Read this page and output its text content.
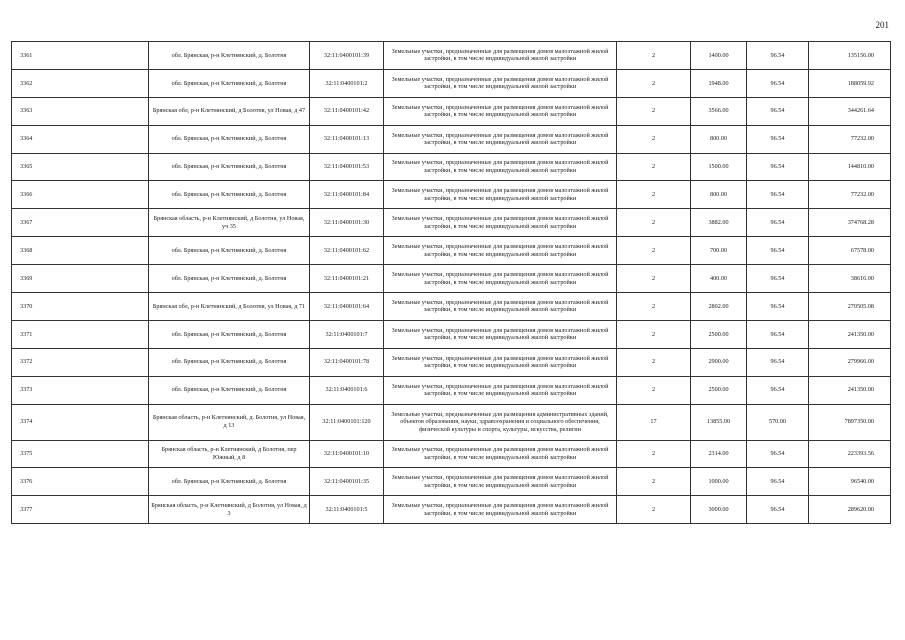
201
3361	обл. Брянская, р-н Клетнянский, д. Болотня	32:11:0400101:39	Земельные участки, предназначенные для размещения домов малоэтажной жилой застройки, в том числе индивидуальной жилой застройки	2	1400.00	96.54	135156.00
3362	обл. Брянская, р-н Клетнянский, д. Болотня	32:11:0400101:2	Земельные участки, предназначенные для размещения домов малоэтажной жилой застройки, в том числе индивидуальной жилой застройки	2	1948.00	96.54	188059.92
3363	Брянская обл, р-н Клетнянский, д Болотня, ул Новая, д 47	32:11:0400101:42	Земельные участки, предназначенные для размещения домов малоэтажной жилой застройки, в том числе индивидуальной жилой застройки	2	3566.00	96.54	344261.64
3364	обл. Брянская, р-н Клетнянский, д. Болотня	32:11:0400101:13	Земельные участки, предназначенные для размещения домов малоэтажной жилой застройки, в том числе индивидуальной жилой застройки	2	800.00	96.54	77232.00
3365	обл. Брянская, р-н Клетнянский, д. Болотня	32:11:0400101:53	Земельные участки, предназначенные для размещения домов малоэтажной жилой застройки, в том числе индивидуальной жилой застройки	2	1500.00	96.54	144810.00
3366	обл. Брянская, р-н Клетнянский, д. Болотня	32:11:0400101:84	Земельные участки, предназначенные для размещения домов малоэтажной жилой застройки, в том числе индивидуальной жилой застройки	2	800.00	96.54	77232.00
3367	Брянская область, р-н Клетнянский, д Болотня, ул Новая, уч 35	32:11:0400101:30	Земельные участки, предназначенные для размещения домов малоэтажной жилой застройки, в том числе индивидуальной жилой застройки	2	3882.00	96.54	374768.28
3368	обл. Брянская, р-н Клетнянский, д. Болотня	32:11:0400101:62	Земельные участки, предназначенные для размещения домов малоэтажной жилой застройки, в том числе индивидуальной жилой застройки	2	700.00	96.54	67578.00
3369	обл. Брянская, р-н Клетнянский, д. Болотня	32:11:0400101:21	Земельные участки, предназначенные для размещения домов малоэтажной жилой застройки, в том числе индивидуальной жилой застройки	2	400.00	96.54	38616.00
3370	Брянская обл, р-н Клетнянский, д Болотня, ул Новая, д 71	32:11:0400101:64	Земельные участки, предназначенные для размещения домов малоэтажной жилой застройки, в том числе индивидуальной жилой застройки	2	2802.00	96.54	270505.08
3371	обл. Брянская, р-н Клетнянский, д. Болотня	32:11:0400101:7	Земельные участки, предназначенные для размещения домов малоэтажной жилой застройки, в том числе индивидуальной жилой застройки	2	2500.00	96.54	241350.00
3372	обл. Брянская, р-н Клетнянский, д. Болотня	32:11:0400101:78	Земельные участки, предназначенные для размещения домов малоэтажной жилой застройки, в том числе индивидуальной жилой застройки	2	2900.00	96.54	279966.00
3373	обл. Брянская, р-н Клетнянский, д. Болотня	32:11:0400101:6	Земельные участки, предназначенные для размещения домов малоэтажной жилой застройки, в том числе индивидуальной жилой застройки	2	2500.00	96.54	241350.00
3374	Брянская область, р-н Клетнянский, д. Болотня, ул Новая, д 13	32:11:0400101:120	Земельные участки, предназначенные для размещения административных зданий, объектов образования, науки, здравоохранения и социального обеспечения, физической культуры и спорта, культуры, искусства, религии	17	13855.00	570.00	7897350.00
3375	Брянская область, р-н Клетнянский, д Болотня, пер Южный, д 8	32:11:0400101:10	Земельные участки, предназначенные для размещения домов малоэтажной жилой застройки, в том числе индивидуальной жилой застройки	2	2314.00	96.54	223393.56
3376	обл. Брянская, р-н Клетнянский, д. Болотня	32:11:0400101:35	Земельные участки, предназначенные для размещения домов малоэтажной жилой застройки, в том числе индивидуальной жилой застройки	2	1000.00	96.54	96540.00
3377	Брянская область, р-н Клетнянский, д Болотня, ул Новая, д 3	32:11:0400101:5	Земельные участки, предназначенные для размещения домов малоэтажной жилой застройки, в том числе индивидуальной жилой застройки	2	3000.00	96.54	289620.00
